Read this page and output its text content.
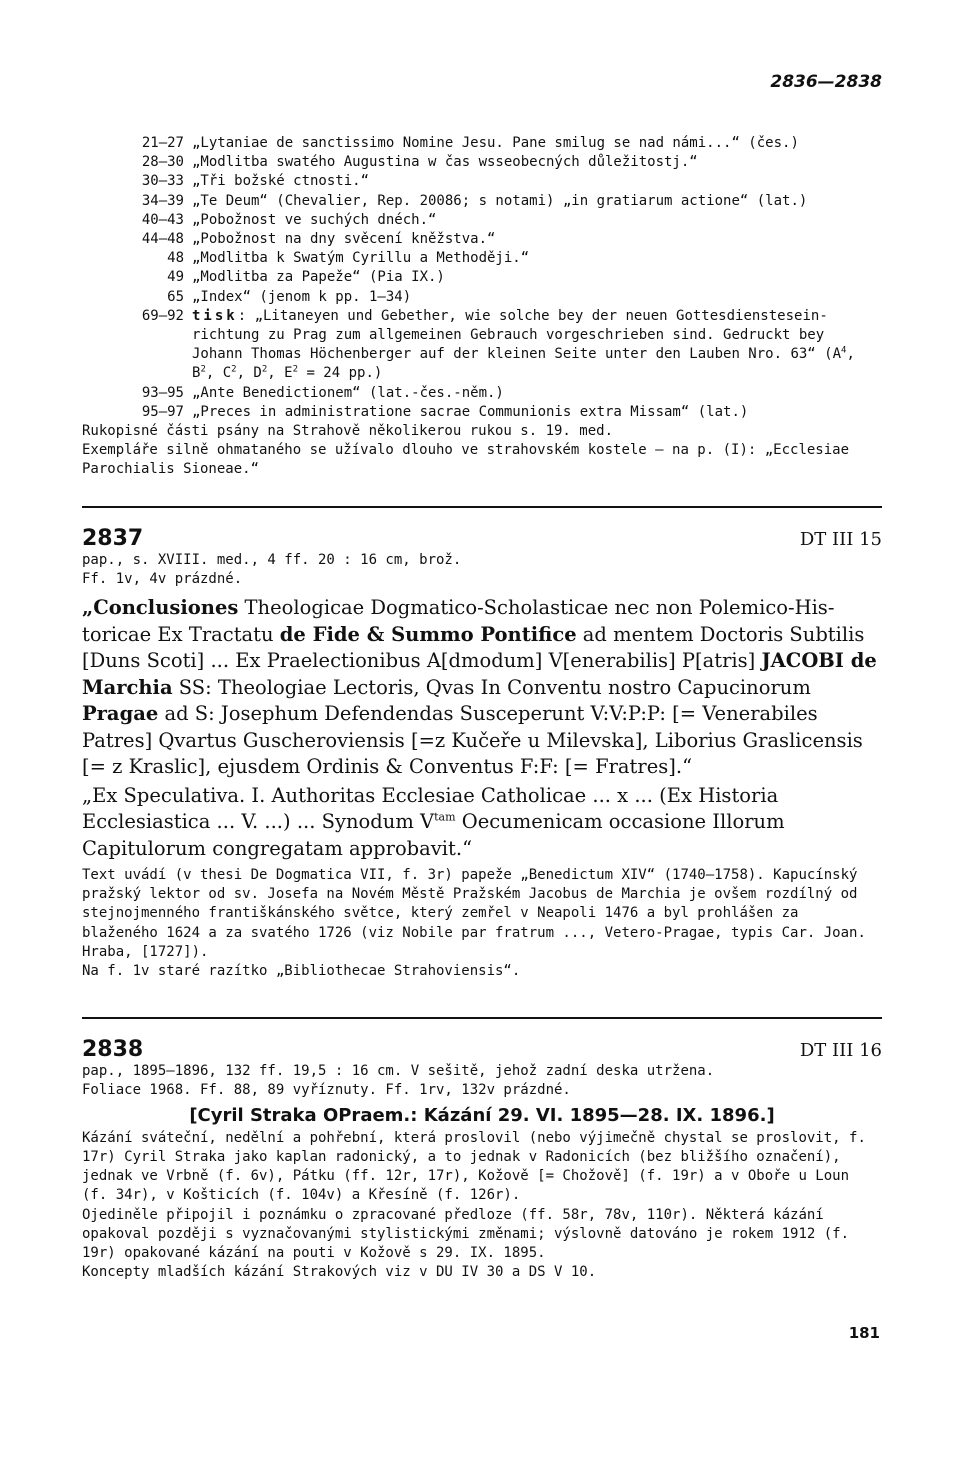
2836—2838
21—27 „Lytaniae de sanctissimo Nomine Jesu. Pane smilug se nad námi...“ (čes.)
28—30 „Modlitba swatého Augustina w čas wsseobecných důležitostj.“
30—33 „Tři božské ctnosti.“
34—39 „Te Deum“ (Chevalier, Rep. 20086; s notami) „in gratiarum actione“ (lat.)
40—43 „Pobožnost ve suchých dnéch.“
44—48 „Pobožnost na dny svěcení kněžstva.“
48 „Modlitba k Swatým Cyrillu a Methoději.“
49 „Modlitba za Papeže“ (Pia IX.)
65 „Index“ (jenom k pp. 1—34)
69—92 tisk: „Litaneyen und Gebether, wie solche bey der neuen Gottesdiensteseinrichtung zu Prag zum allgemeinen Gebrauch vorgeschrieben sind. Gedruckt bey Johann Thomas Höchenberger auf der kleinen Seite unter den Lauben Nro. 63“ ($A^4$, $B^2$, $C^2$, $D^2$, $E^2 = 24$ pp.)
93—95 „Ante Benedictionem“ (lat.-čes.-něm.)
95—97 „Preces in administratione sacrae Communionis extra Missam“ (lat.)
Rukopisné části psány na Strahově několikerou rukou s. 19. med.
Exempláře silně ohmataného se užívalo dlouho ve strahovském kostele — na p. (I): „Ecclesiae Parochialis Sioneae.“
2837	DT III 15
pap., s. XVIII. med., 4 ff. 20 : 16 cm, brož.
Ff. 1v, 4v prázdné.
„Conclusiones Theologicae Dogmatico-Scholasticae nec non Polemico-Historicae Ex Tractatu de Fide & Summo Pontifice ad mentem Doctoris Subtilis [Duns Scoti] ... Ex Praelectionibus A[dmodum] V[enerabilis] P[atris] JACOBI de Marchia SS: Theologiae Lectoris, Qvas In Conventu nostro Capucinorum Pragae ad S: Josephum Defendendas Susceperunt V:V:P:P: [= Venerabiles Patres] Qvartus Guscheroviensis [=z Kučeře u Milevska], Liborius Graslicensis [= z Kraslic], ejusdem Ordinis & Conventus F:F: [= Fratres].“
„Ex Speculativa. I. Authoritas Ecclesiae Catholicae ... x ... (Ex Historia Ecclesiastica ... V. ...) ... Synodum $V^{tam}$ Oecumenicam occasione Illorum Capitulorum congregatam approbavit.“
Text uvádí (v thesi De Dogmatica VII, f. 3r) papeže „Benedictum XIV“ (1740—1758). Kapucínský pražský lektor od sv. Josefa na Novém Městě Pražském Jacobus de Marchia je ovšem rozdílný od stejnojmenného františkánského světce, který zemřel v Neapoli 1476 a byl prohlášen za blaženého 1624 a za svatého 1726 (viz Nobile par fratrum ..., Vetero-Pragae, typis Car. Joan. Hraba, [1727]).
Na f. 1v staré razítko „Bibliothecae Strahoviensis“.
2838	DT III 16
pap., 1895—1896, 132 ff. 19,5 : 16 cm. V sešitě, jehož zadní deska utržena.
Foliace 1968. Ff. 88, 89 vyříznuty. Ff. 1rv, 132v prázdné.
[Cyril Straka OPraem.: Kázání 29. VI. 1895—28. IX. 1896.]
Kázání sváteční, nedělní a pohřební, která proslovil (nebo výjimečně chystal se proslovit, f. 17r) Cyril Straka jako kaplan radonický, a to jednak v Radonicích (bez bližšího označení), jednak ve Vrbně (f. 6v), Pátku (ff. 12r, 17r), Kožově [= Chožově] (f. 19r) a v Oboře u Loun (f. 34r), v Košticích (f. 104v) a Křesíně (f. 126r).
Ojediněle připojil i poznámku o zpracované předloze (ff. 58r, 78v, 110r). Některá kázání opakoval později s vyznačovanými stylistickými změnami; výslovně datováno je rokem 1912 (f. 19r) opakované kázání na pouti v Kožově s 29. IX. 1895.
Koncepty mladších kázání Strakových viz v DU IV 30 a DS V 10.
181
